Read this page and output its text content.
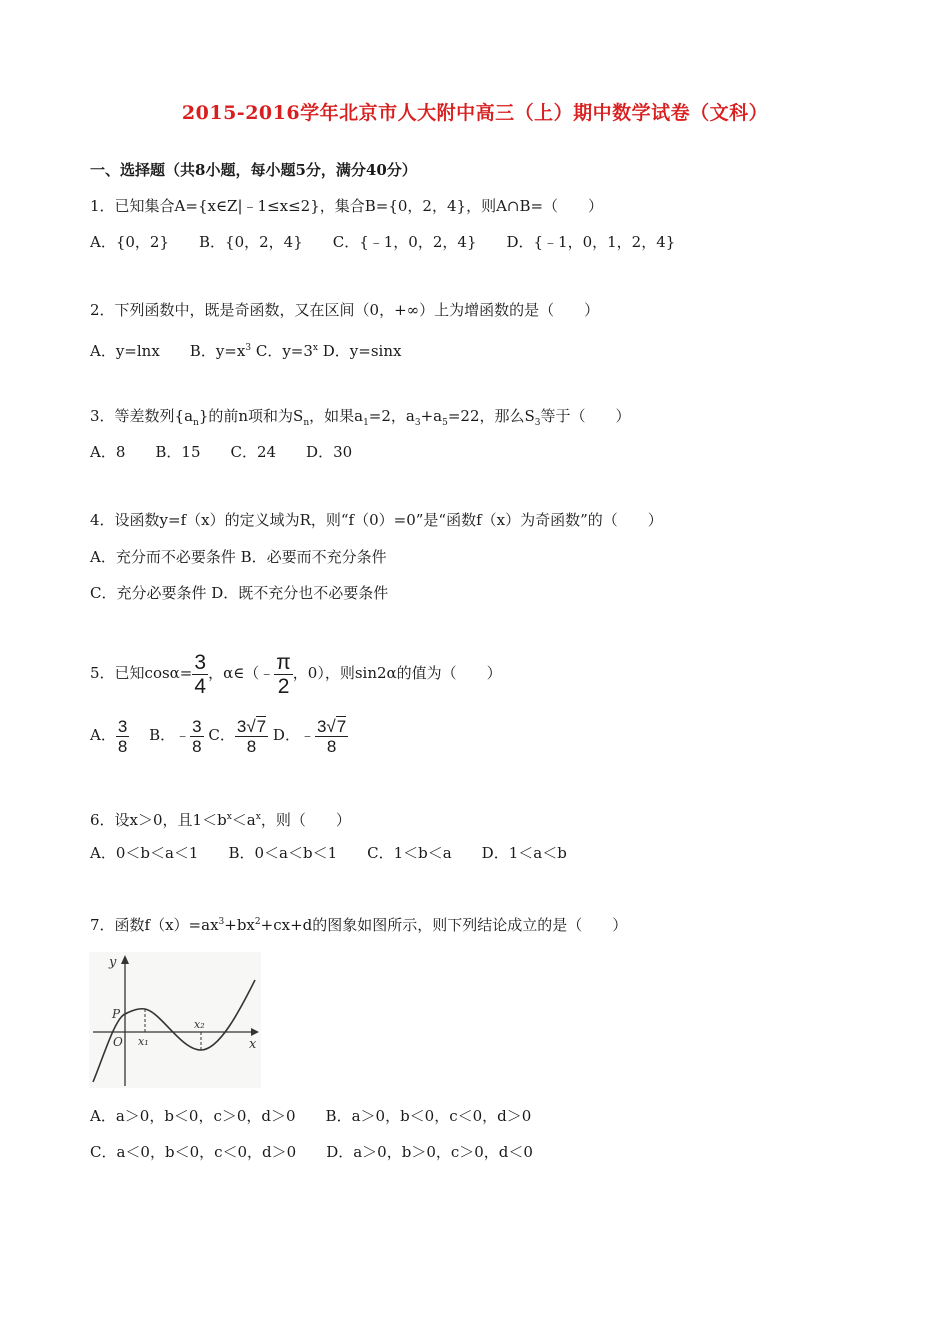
2015-2016学年北京市人大附中高三（上）期中数学试卷（文科）
一、选择题（共8小题，每小题5分，满分40分）
1．已知集合A={x∈Z|﹣1≤x≤2}，集合B={0，2，4}，则A∩B=（　　）
A．{0，2}　　B．{0，2，4}　　C．{﹣1，0，2，4}　　D．{﹣1，0，1，2，4}
2．下列函数中，既是奇函数，又在区间（0，+∞）上为增函数的是（　　）
A．y=lnx　　B．$y=x^3$ C．$y=3^x$ D．y=sinx
3．等差数列$\{a_n\}$的前n项和为$S_n$，如果$a_1=2$，$a_3+a_5=22$，那么$S_3$等于（　　）
A．8　　B．15　　C．24　　D．30
4．设函数y=f（x）的定义域为R，则“f（0）=0”是“函数f（x）为奇函数”的（　　）
A．充分而不必要条件 B．必要而不充分条件
C．充分必要条件 D．既不充分也不必要条件
5．已知$\cos\alpha= \frac{3}{4}$ ，α∈（﹣ $\frac{\pi}{2}$ ，0），则sin2α的值为（　　）
A． $\frac{3}{8}$ 　B．﹣ $\frac{3}{8}$ C． $\frac{3√7}{8}$ D．﹣ $\frac{3√7}{8}$
6．设x＞0，且$1<b^x<a^x$，则（　　）
A．0＜b＜a＜1　　B．0＜a＜b＜1　　C．1＜b＜a　　D．1＜a＜b
7．函数$f(x)=ax^3+bx^2+cx+d$的图象如图所示，则下列结论成立的是（　　）
y
x
P
O x₁
x₂
A．a＞0，b＜0，c＞0，d＞0　　B．a＞0，b＜0，c＜0，d＞0
C．a＜0，b＜0，c＜0，d＞0　　D．a＞0，b＞0，c＞0，d＜0
